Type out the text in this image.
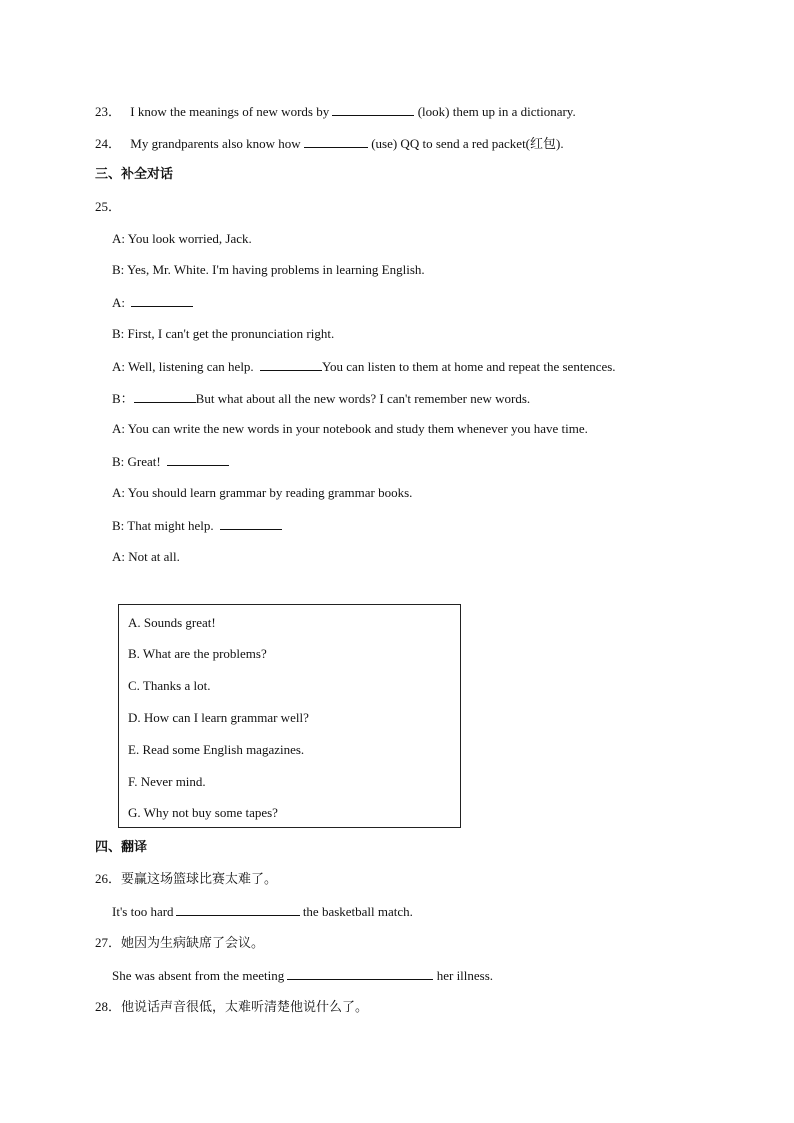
23． I know the meanings of new words by	(look) them up in a dictionary.
24． My grandparents also know how	(use) QQ to send a red packet(红包).
三、补全对话
25．
A: You look worried, Jack.
B: Yes, Mr. White. I'm having problems in learning English.
A:
B: First, I can't get the pronunciation right.
A: Well, listening can help.	You can listen to them at home and repeat the sentences.
B：	But what about all the new words? I can't remember new words.
A: You can write the new words in your notebook and study them whenever you have time.
B: Great!
A: You should learn grammar by reading grammar books.
B: That might help.
A: Not at all.
A. Sounds great!
B. What are the problems?
C. Thanks a lot.
D. How can I learn grammar well?
E. Read some English magazines.
F. Never mind.
G. Why not buy some tapes?
四、翻译
26．要赢这场篮球比赛太难了。
It's too hard	the basketball match.
27．她因为生病缺席了会议。
She was absent from the meeting	her illness.
28．他说话声音很低，太难听清楚他说什么了。
